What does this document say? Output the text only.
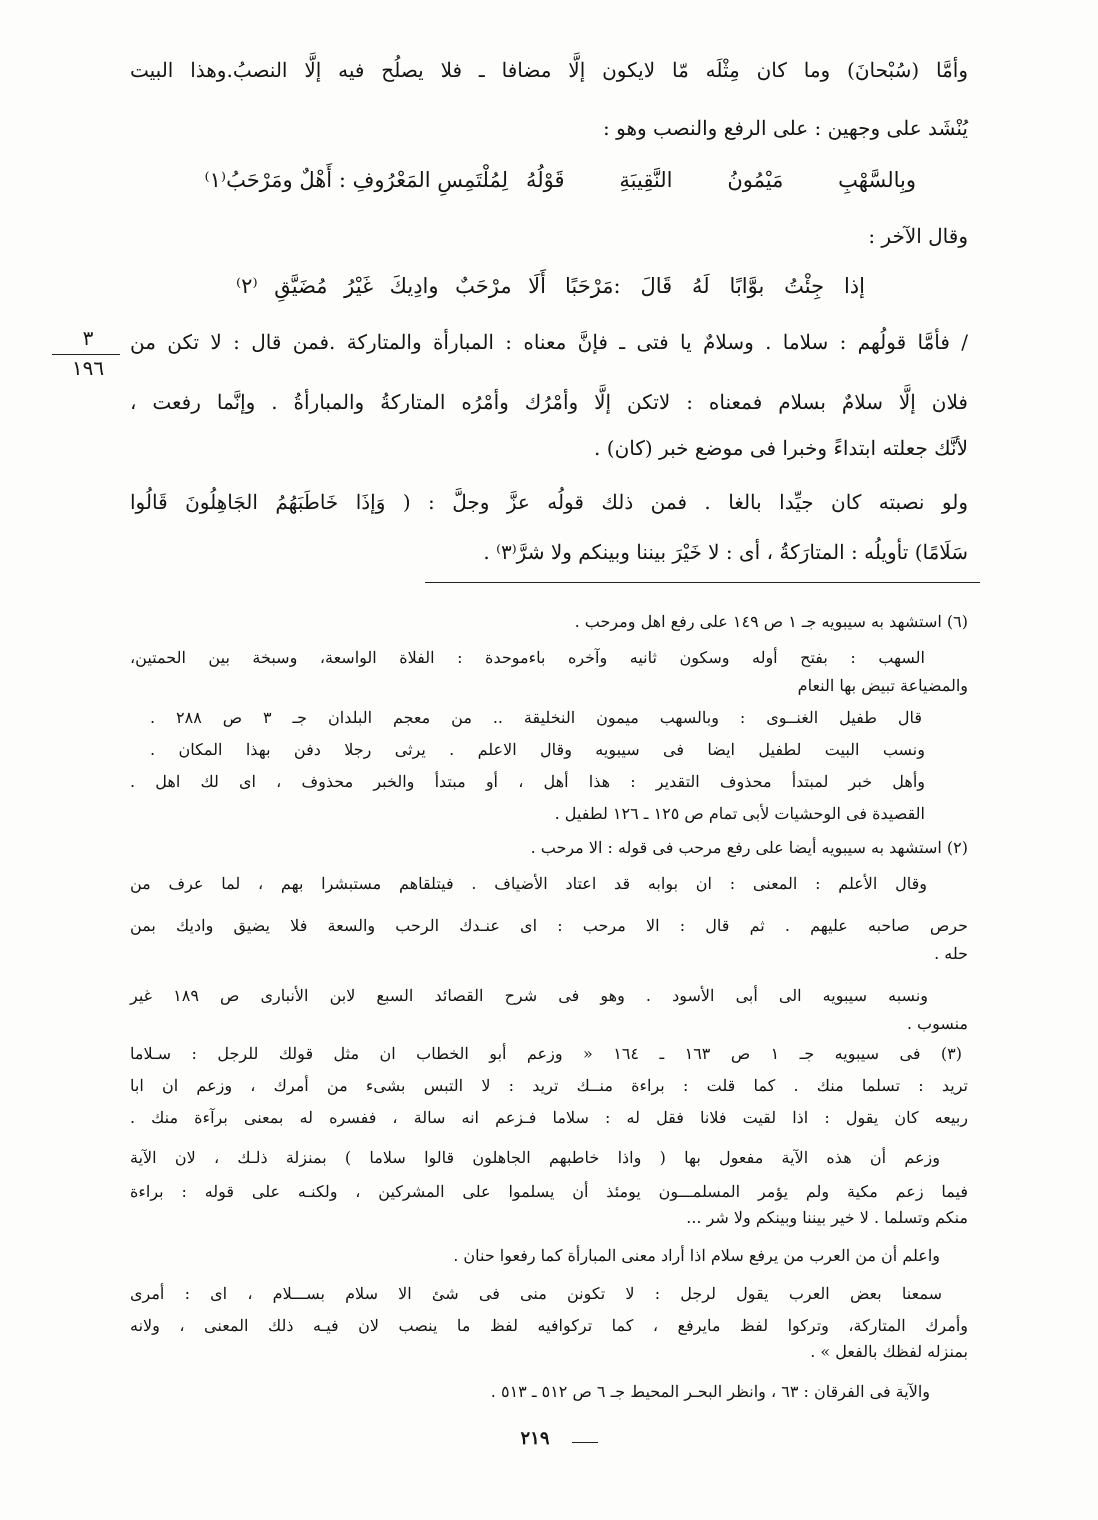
وأمَّا (سُبْحانَ) وما كان مِثْلَه مّا لايكون إلَّا مضافا ـ فلا يصلُح فيه إلَّا النصبُ.وهذا البيت
يُنْشَد على وجهين : على الرفع والنصب وهو :
وبِالسَّهْبِ مَيْمُونُ النَّقِيبَةِ قَوْلُهُ
لِمُلْتَمِسِ المَعْرُوفِ : أَهْلٌ ومَرْحَبُ⁽١⁾
وقال الآخر :
إذا جِئْتُ بوَّابًا لَهُ قَالَ :مَرْحَبًا
أَلَا مرْحَبٌ وادِيكَ غَيْرُ مُضَيَّقِ ⁽٢⁾
/ فأمَّا قولُهم : سلاما . وسلامٌ يا فتى ـ فإنَّ معناه : المبارأة والمتاركة .فمن قال : لا تكن من
فلان إلَّا سلامٌ بسلام فمعناه : لاتكن إلَّا وأمْرُك وأمْرُه المتاركةُ والمبارأةُ . وإنَّما رفعت ،
لأنَّك جعلته ابتداءً وخبرا فى موضع خبر (كان) .
ولو نصبته كان جيِّدا بالغا . فمن ذلك قولُه عزَّ وجلَّ : ( وَإذَا خَاطَبَهُمُ الجَاهِلُونَ قَالُوا
سَلَامًا) تأويلُه : المتارَكةُ ، أى : لا خَيْرَ بيننا وبينكم ولا شرَّ⁽٣⁾ .
٣
١٩٦
(٦) استشهد به سيبويه جـ ١ ص ١٤٩ على رفع اهل ومرحب .
السهب : بفتح أوله وسكون ثانيه وآخره باءموحدة : الفلاة الواسعة، وسبخة بين الحمتين،
والمضياعة تبيض بها النعام
قال طفيل الغنــوى : وبالسهب ميمون النخليقة .. من معجم البلدان جـ ٣ ص ٢٨٨ .
ونسب البيت لطفيل ايضا فى سيبويه وقال الاعلم . يرثى رجلا دفن بهذا المكان .
وأهل خبر لمبتدأ محذوف التقدير : هذا أهل ، أو مبتدأ والخبر محذوف ، اى لك اهل .
القصيدة فى الوحشيات لأبى تمام ص ١٢٥ ـ ١٢٦ لطفيل .
(٢) استشهد به سيبويه أيضا على رفع مرحب فى قوله : الا مرحب .
وقال الأعلم : المعنى : ان بوابه قد اعتاد الأضياف . فيتلقاهم مستبشرا بهم ، لما عرف من
حرص صاحبه عليهم . ثم قال : الا مرحب : اى عنـدك الرحب والسعة فلا يضيق واديك بمن
حله .
ونسبه سيبويه الى أبى الأسود . وهو فى شرح القصائد السبع لابن الأنبارى ص ١٨٩ غير
منسوب .
(٣) فى سيبويه جـ ١ ص ١٦٣ ـ ١٦٤ « وزعم أبو الخطاب ان مثل قولك للرجل : سـلاما
تريد : تسلما منك . كما قلت : براءة منــك تريد : لا التبس بشىء من أمرك ، وزعم ان ابا
ربيعه كان يقول : اذا لقيت فلانا فقل له : سلاما فـزعم انه سالة ، ففسره له بمعنى برآءة منك .
وزعم أن هذه الآية مفعول بها ( واذا خاطبهم الجاهلون قالوا سلاما ) بمنزلة ذلـك ، لان الآية
فيما زعم مكية ولم يؤمر المسلمـــون يومئذ أن يسلموا على المشركين ، ولكنـه على قوله : براءة
منكم وتسلما . لا خير بيننا وبينكم ولا شر ...
واعلم أن من العرب من يرفع سلام اذا أراد معنى المبارأة كما رفعوا حنان .
سمعنا بعض العرب يقول لرجل : لا تكونن منى فى شئ الا سلام بســـلام ، اى : أمرى
وأمرك المتاركة، وتركوا لفظ مايرفع ، كما تركوافيه لفظ ما ينصب لان فيـه ذلك المعنى ، ولانه
بمنزله لفظك بالفعل » .
والآية فى الفرقان : ٦٣ ، وانظر البحـر المحيط جـ ٦ ص ٥١٢ ـ ٥١٣ .
٢١٩
